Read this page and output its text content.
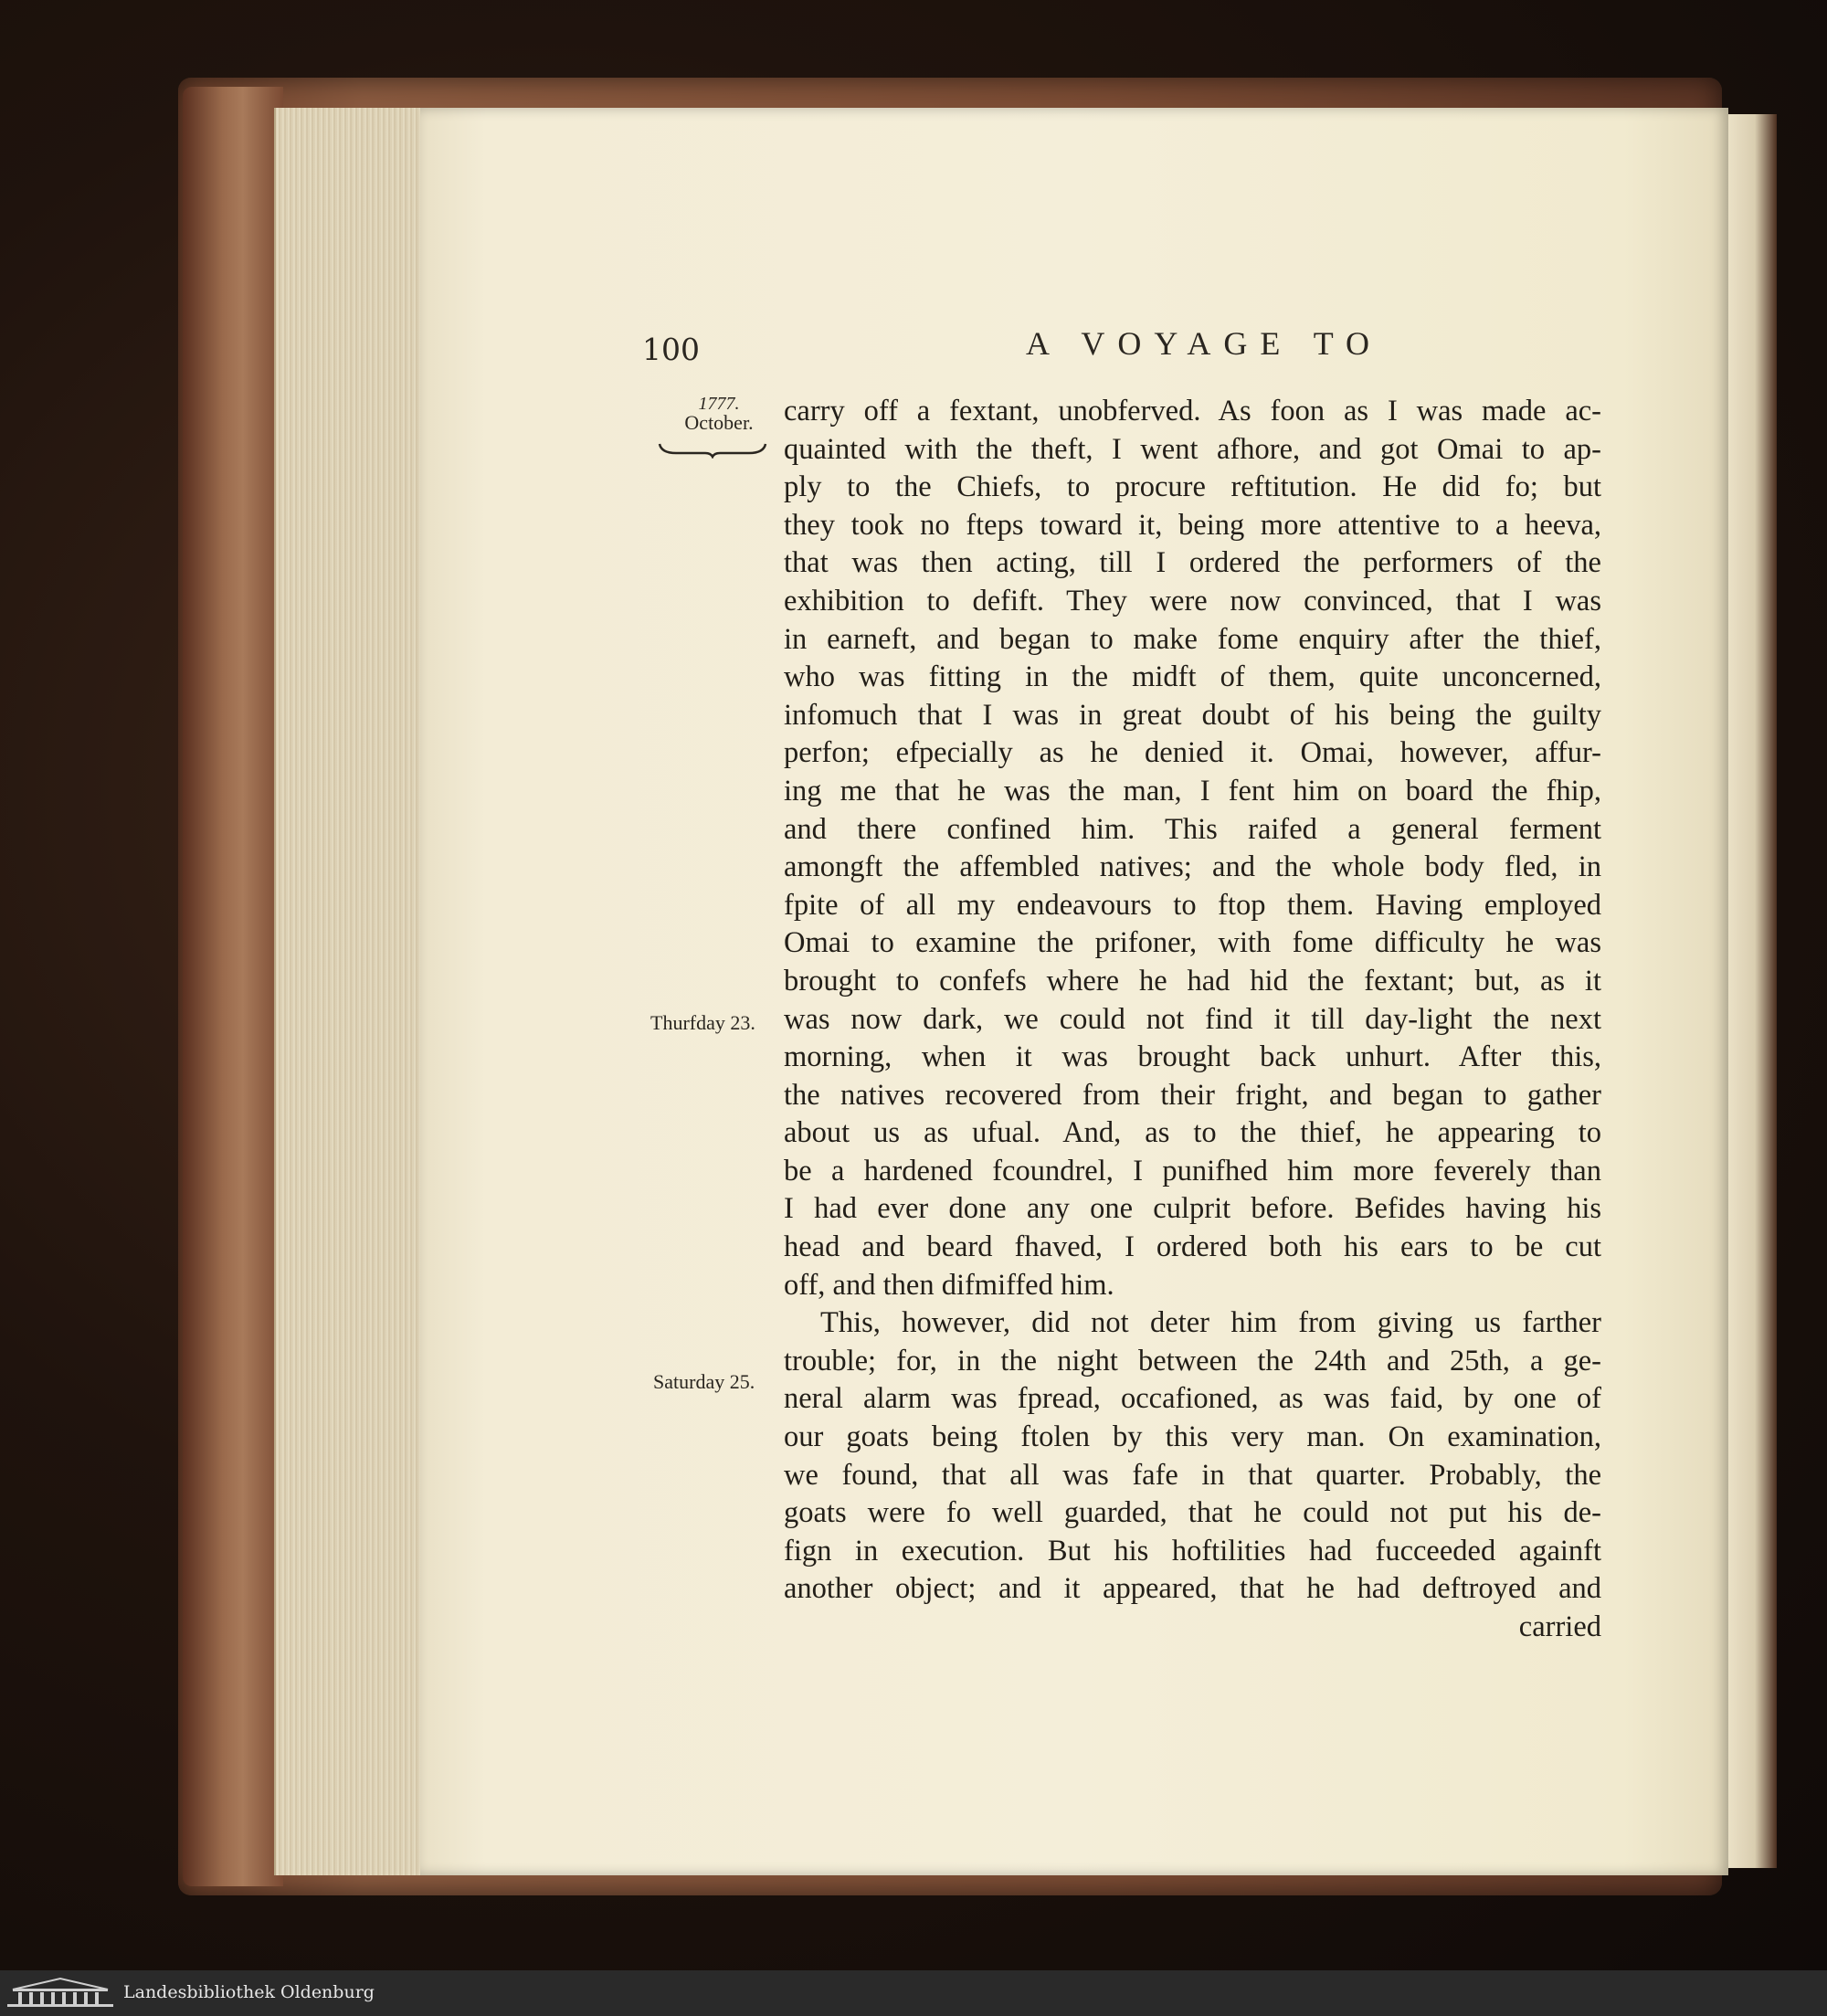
100	A VOYAGE TO
1777.
October.
Thurfday 23.
Saturday 25.
carry off a fextant, unobferved. As foon as I was made ac-
quainted with the theft, I went afhore, and got Omai to ap-
ply to the Chiefs, to procure reftitution. He did fo; but
they took no fteps toward it, being more attentive to a heeva,
that was then acting, till I ordered the performers of the
exhibition to defift. They were now convinced, that I was
in earneft, and began to make fome enquiry after the thief,
who was fitting in the midft of them, quite unconcerned,
infomuch that I was in great doubt of his being the guilty
perfon; efpecially as he denied it. Omai, however, affur-
ing me that he was the man, I fent him on board the fhip,
and there confined him. This raifed a general ferment
amongft the affembled natives; and the whole body fled, in
fpite of all my endeavours to ftop them. Having employed
Omai to examine the prifoner, with fome difficulty he was
brought to confefs where he had hid the fextant; but, as it
was now dark, we could not find it till day-light the next
morning, when it was brought back unhurt. After this,
the natives recovered from their fright, and began to gather
about us as ufual. And, as to the thief, he appearing to
be a hardened fcoundrel, I punifhed him more feverely than
I had ever done any one culprit before. Befides having his
head and beard fhaved, I ordered both his ears to be cut
off, and then difmiffed him.
This, however, did not deter him from giving us farther
trouble; for, in the night between the 24th and 25th, a ge-
neral alarm was fpread, occafioned, as was faid, by one of
our goats being ftolen by this very man. On examination,
we found, that all was fafe in that quarter. Probably, the
goats were fo well guarded, that he could not put his de-
fign in execution. But his hoftilities had fucceeded againft
another object; and it appeared, that he had deftroyed and
carried
Landesbibliothek Oldenburg
